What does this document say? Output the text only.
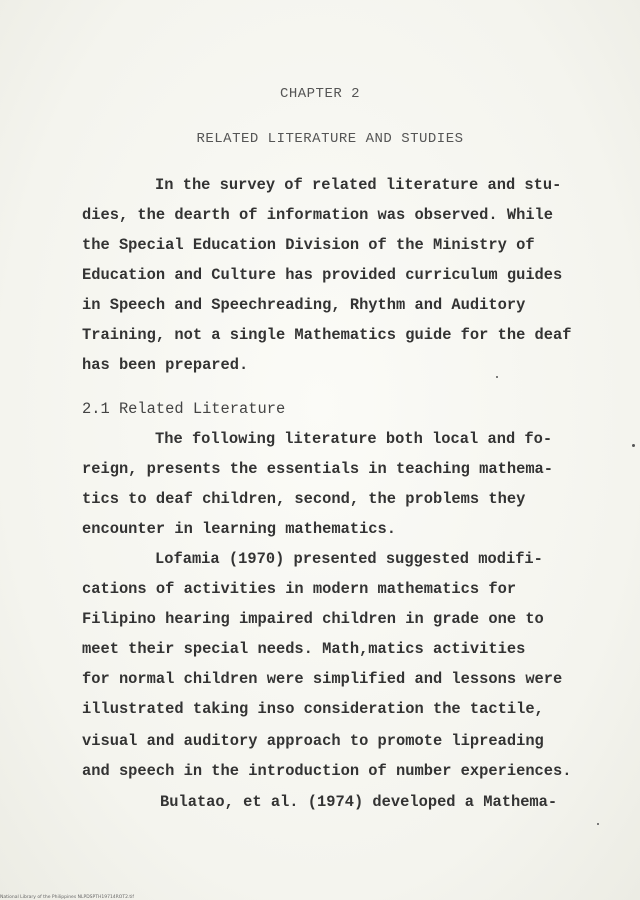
CHAPTER 2
RELATED LITERATURE AND STUDIES
In the survey of related literature and stu-
dies, the dearth of information was observed. While
the Special Education Division of the Ministry of
Education and Culture has provided curriculum guides
in Speech and Speechreading, Rhythm and Auditory
Training, not a single Mathematics guide for the deaf
has been prepared.
2.1 Related Literature
The following literature both local and fo-
reign, presents the essentials in teaching mathema-
tics to deaf children, second, the problems they
encounter in learning mathematics.
Lofamia (1970) presented suggested modifi-
cations of activities in modern mathematics for
Filipino hearing impaired children in grade one to
meet their special needs. Math,matics activities
for normal children were simplified and lessons were
illustrated taking inso consideration the tactile,
visual and auditory approach to promote lipreading
and speech in the introduction of number experiences.
Bulatao, et al. (1974) developed a Mathema-
National Library of the Philippines NLPDSPTH19714ROT2.tif
